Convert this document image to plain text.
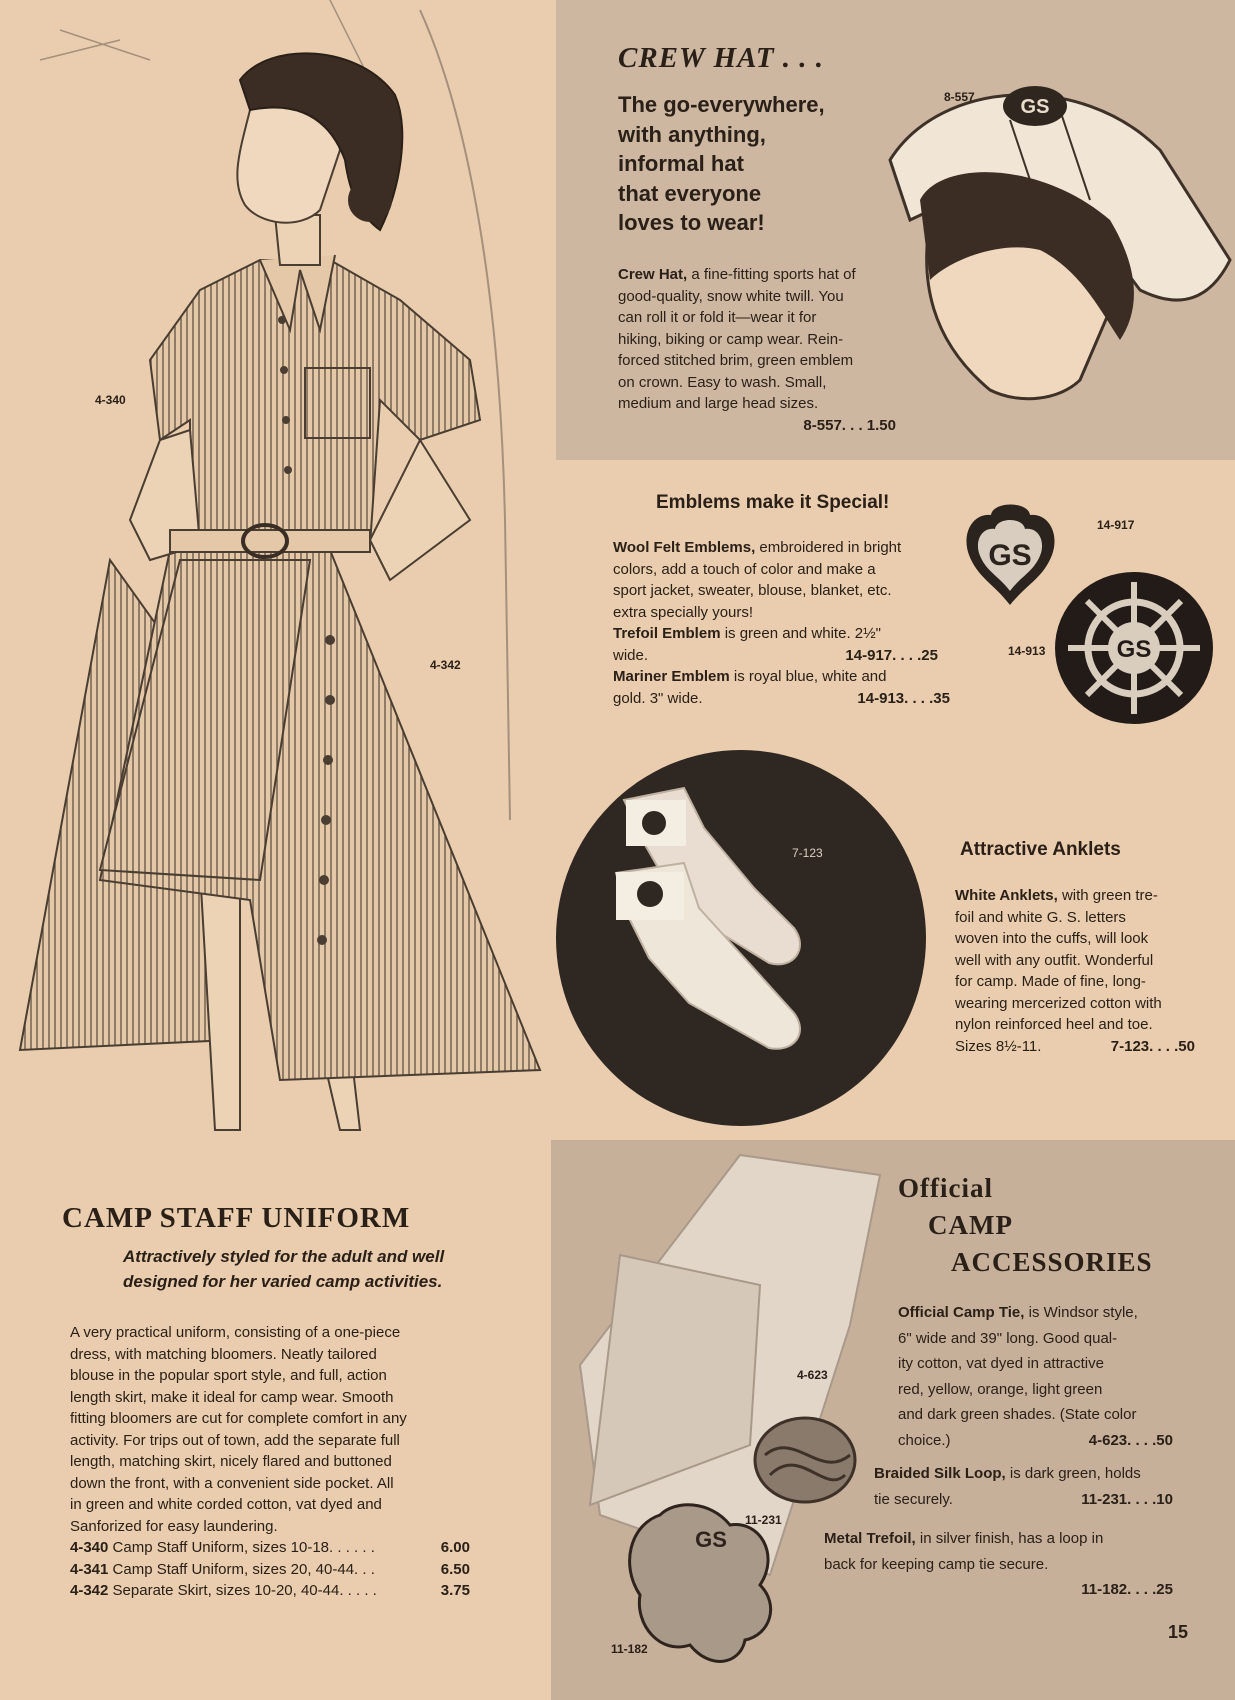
4-340
4-342
CREW HAT . . .
The go-everywhere,
with anything,
informal hat
that everyone
loves to wear!
Crew Hat, a fine-fitting sports hat of
good-quality, snow white twill. You
can roll it or fold it—wear it for
hiking, biking or camp wear. Rein-
forced stitched brim, green emblem
on crown. Easy to wash. Small,
medium and large head sizes.
8-557. . . 1.50
GS
8-557
Emblems make it Special!
Wool Felt Emblems, embroidered in bright
colors, add a touch of color and make a
sport jacket, sweater, blouse, blanket, etc.
extra specially yours!
Trefoil Emblem is green and white. 2½"
wide.	14-917. . . .25
Mariner Emblem is royal blue, white and
gold. 3" wide.	14-913. . . .35
GS
14-917
GS
14-913
7-123	Attractive Anklets
White Anklets, with green tre-
foil and white G. S. letters
woven into the cuffs, will look
well with any outfit. Wonderful
for camp. Made of fine, long-
wearing mercerized cotton with
nylon reinforced heel and toe.
Sizes 8½-11.	7-123. . . .50
CAMP STAFF UNIFORM
Attractively styled for the adult and well
designed for her varied camp activities.
A very practical uniform, consisting of a one-piece
dress, with matching bloomers. Neatly tailored
blouse in the popular sport style, and full, action
length skirt, make it ideal for camp wear. Smooth
fitting bloomers are cut for complete comfort in any
activity. For trips out of town, add the separate full
length, matching skirt, nicely flared and buttoned
down the front, with a convenient side pocket. All
in green and white corded cotton, vat dyed and
Sanforized for easy laundering.
4-340 Camp Staff Uniform, sizes 10-18. . . . . .	6.00
4-341 Camp Staff Uniform, sizes 20, 40-44. . .	6.50
4-342 Separate Skirt, sizes 10-20, 40-44. . . . .	3.75
GS
Official
CAMP
ACCESSORIES
Official Camp Tie, is Windsor style,
6" wide and 39" long. Good qual-
ity cotton, vat dyed in attractive
red, yellow, orange, light green
and dark green shades. (State color
choice.)	4-623. . . .50
Braided Silk Loop, is dark green, holds
tie securely.	11-231. . . .10
Metal Trefoil, in silver finish, has a loop in
back for keeping camp tie secure.
11-182. . . .25
4-623
11-231
11-182
15
